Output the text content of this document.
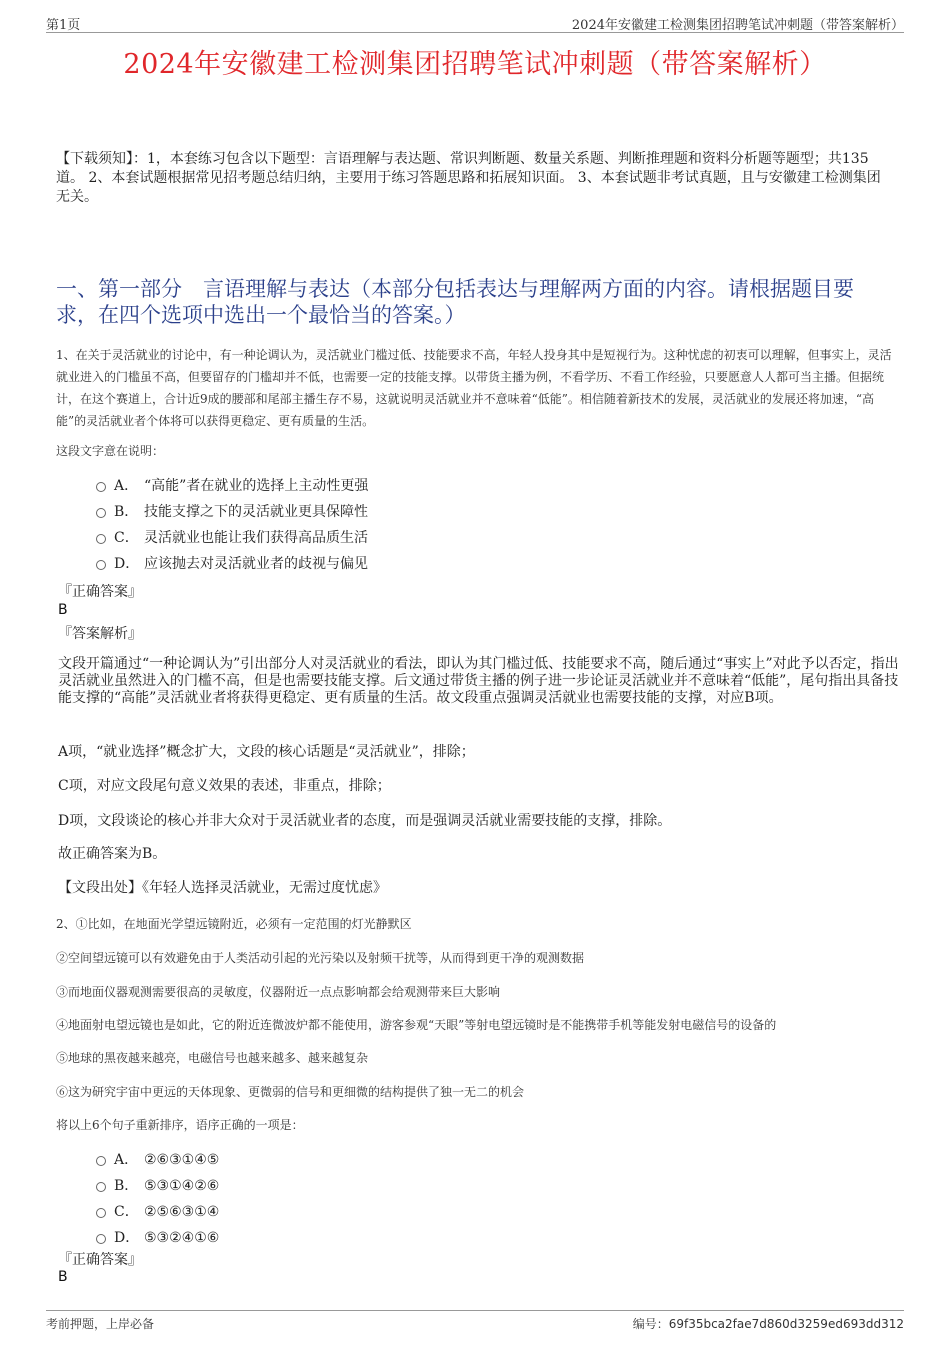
第1页	2024年安徽建工检测集团招聘笔试冲刺题（带答案解析）
2024年安徽建工检测集团招聘笔试冲刺题（带答案解析）
【下载须知】：1，本套练习包含以下题型：言语理解与表达题、常识判断题、数量关系题、判断推理题和资料分析题等题型；共135道。 2、本套试题根据常见招考题总结归纳，主要用于练习答题思路和拓展知识面。 3、本套试题非考试真题，且与安徽建工检测集团无关。
一、第一部分　言语理解与表达（本部分包括表达与理解两方面的内容。请根据题目要求，在四个选项中选出一个最恰当的答案。）
1、在关于灵活就业的讨论中，有一种论调认为，灵活就业门槛过低、技能要求不高，年轻人投身其中是短视行为。这种忧虑的初衷可以理解，但事实上，灵活就业进入的门槛虽不高，但要留存的门槛却并不低，也需要一定的技能支撑。以带货主播为例，不看学历、不看工作经验，只要愿意人人都可当主播。但据统计，在这个赛道上，合计近9成的腰部和尾部主播生存不易，这就说明灵活就业并不意味着“低能”。相信随着新技术的发展，灵活就业的发展还将加速，“高能”的灵活就业者个体将可以获得更稳定、更有质量的生活。
这段文字意在说明：
A． “高能”者在就业的选择上主动性更强
B． 技能支撑之下的灵活就业更具保障性
C． 灵活就业也能让我们获得高品质生活
D． 应该抛去对灵活就业者的歧视与偏见
『正确答案』
B
『答案解析』
文段开篇通过“一种论调认为”引出部分人对灵活就业的看法，即认为其门槛过低、技能要求不高，随后通过“事实上”对此予以否定，指出灵活就业虽然进入的门槛不高，但是也需要技能支撑。后文通过带货主播的例子进一步论证灵活就业并不意味着“低能”，尾句指出具备技能支撑的“高能”灵活就业者将获得更稳定、更有质量的生活。故文段重点强调灵活就业也需要技能的支撑，对应B项。
A项，“就业选择”概念扩大，文段的核心话题是“灵活就业”，排除；
C项，对应文段尾句意义效果的表述，非重点，排除；
D项，文段谈论的核心并非大众对于灵活就业者的态度，而是强调灵活就业需要技能的支撑，排除。
故正确答案为B。
【文段出处】《年轻人选择灵活就业，无需过度忧虑》
2、①比如，在地面光学望远镜附近，必须有一定范围的灯光静默区
②空间望远镜可以有效避免由于人类活动引起的光污染以及射频干扰等，从而得到更干净的观测数据
③而地面仪器观测需要很高的灵敏度，仪器附近一点点影响都会给观测带来巨大影响
④地面射电望远镜也是如此，它的附近连微波炉都不能使用，游客参观“天眼”等射电望远镜时是不能携带手机等能发射电磁信号的设备的
⑤地球的黑夜越来越亮，电磁信号也越来越多、越来越复杂
⑥这为研究宇宙中更远的天体现象、更微弱的信号和更细微的结构提供了独一无二的机会
将以上6个句子重新排序，语序正确的一项是：
A． ②⑥③①④⑤
B． ⑤③①④②⑥
C． ②⑤⑥③①④
D． ⑤③②④①⑥
『正确答案』
B
考前押题，上岸必备	编号：69f35bca2fae7d860d3259ed693dd312
